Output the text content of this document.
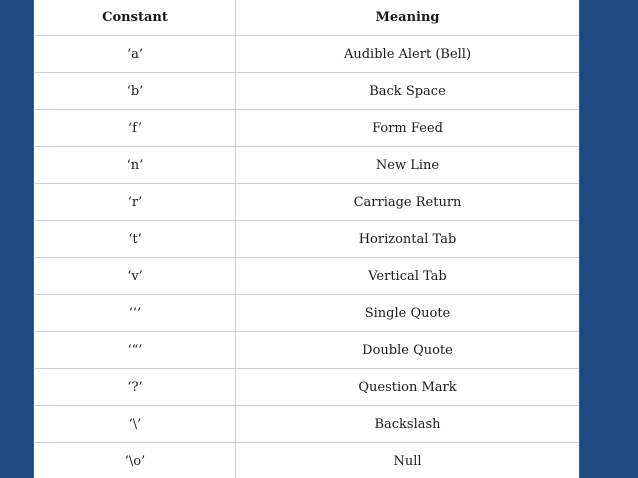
Constant	Meaning
‘a’	Audible Alert (Bell)
‘b’	Back Space
‘f’	Form Feed
‘n’	New Line
‘r’	Carriage Return
‘t’	Horizontal Tab
‘v’	Vertical Tab
‘’’	Single Quote
‘“’	Double Quote
‘?’	Question Mark
‘\’	Backslash
‘\o’	Null
